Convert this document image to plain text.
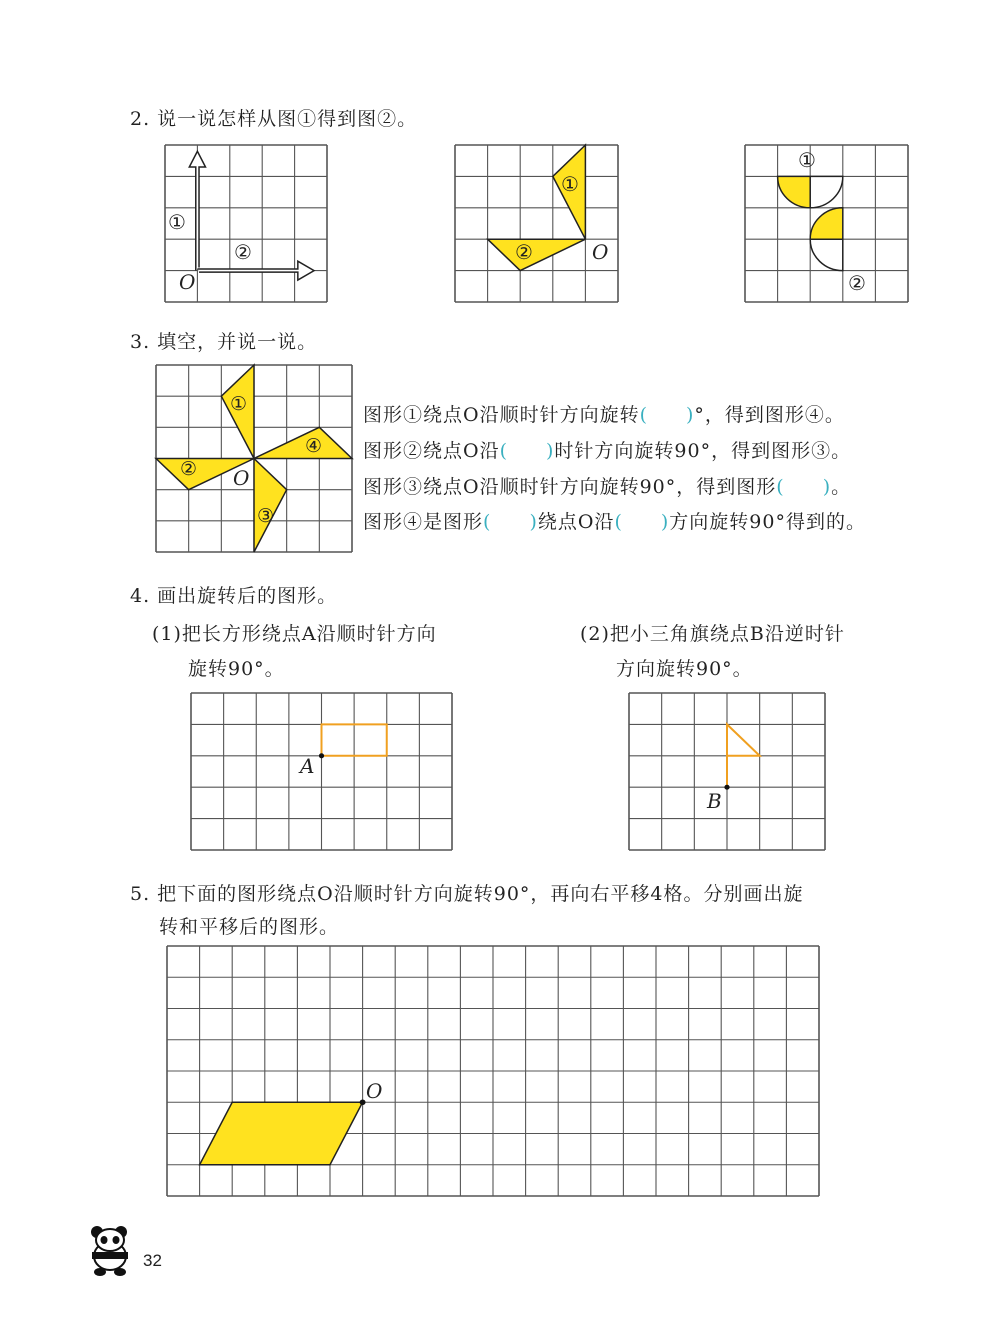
2. 说一说怎样从图①得到图②。
①
②
O
①
②	O
①
②
3. 填空，并说一说。
①
②
③
④
O
图形①绕点O沿顺时针方向旋转( )°，得到图形④。
图形②绕点O沿( )时针方向旋转90°，得到图形③。
图形③绕点O沿顺时针方向旋转90°，得到图形( )。
图形④是图形( )绕点O沿( )方向旋转90°得到的。
4. 画出旋转后的图形。
(1)把长方形绕点A沿顺时针方向
旋转90°。
(2)把小三角旗绕点B沿逆时针
方向旋转90°。
A
B
5. 把下面的图形绕点O沿顺时针方向旋转90°，再向右平移4格。分别画出旋
转和平移后的图形。
O
32
